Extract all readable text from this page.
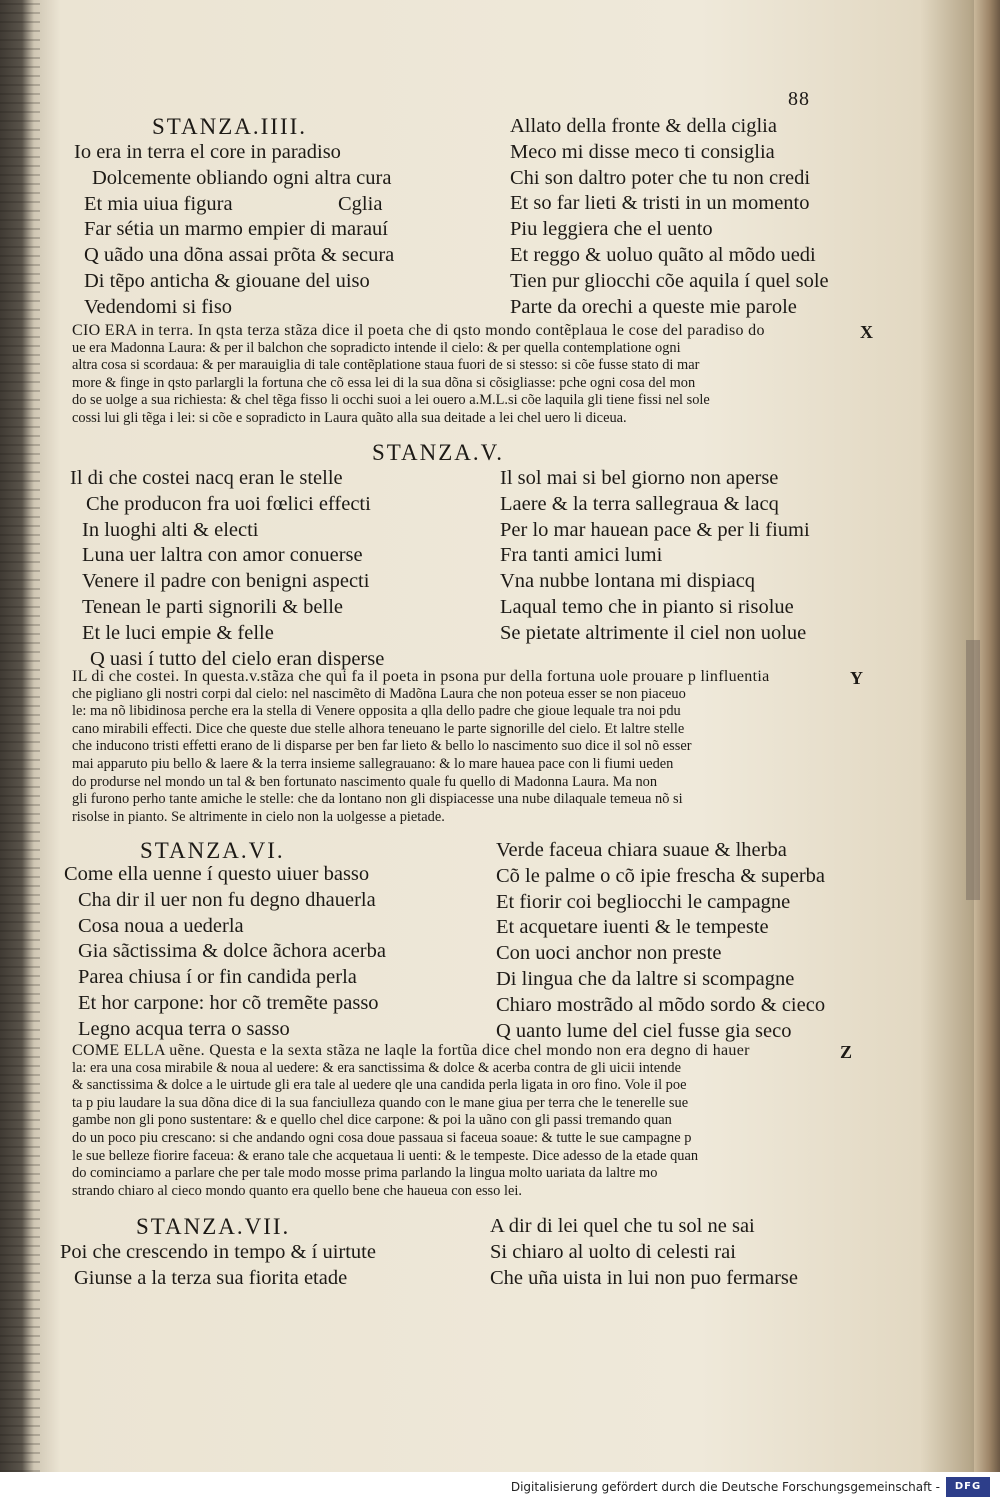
88
STANZA.IIII.
Io era in terra el core in paradiso
Dolcemente obliando ogni altra cura
Et mia uiua figura
Far sétia un marmo empier di marauí
Q uãdo una dõna assai prõta & secura
Di tẽpo anticha & giouane del uiso
Vedendomi si fiso
Cglia
Allato della fronte & della ciglia
Meco mi disse meco ti consiglia
Chi son daltro poter che tu non credi
Et so far lieti & tristi in un momento
Piu leggiera che el uento
Et reggo & uoluo quãto al mõdo uedi
Tien pur gliocchi cõe aquila í quel sole
Parte da orechi a queste mie parole
CIO ERA in terra. In qsta terza stãza dice il poeta che di qsto mondo contẽplaua le cose del paradiso do
ue era Madonna Laura: & per il balchon che sopradicto intende il cielo: & per quella contemplatione ogni
altra cosa si scordaua: & per marauiglia di tale contẽplatione staua fuori de si stesso: si cõe fusse stato di mar
more & finge in qsto parlargli la fortuna che cõ essa lei di la sua dõna si cõsigliasse: pche ogni cosa del mon
do se uolge a sua richiesta: & chel tẽga fisso li occhi suoi a lei ouero a.M.L.si cõe laquila gli tiene fissi nel sole
cossi lui gli tẽga i lei: si cõe e sopradicto in Laura quãto alla sua deitade a lei chel uero li diceua.
X
STANZA.V.
Il di che costei nacq eran le stelle
Che producon fra uoi fœlici effecti
In luoghi alti & electi
Luna uer laltra con amor conuerse
Venere il padre con benigni aspecti
Tenean le parti signorili & belle
Et le luci empie & felle
Q uasi í tutto del cielo eran disperse
Il sol mai si bel giorno non aperse
Laere & la terra sallegraua & lacq
Per lo mar hauean pace & per li fiumi
Fra tanti amici lumi
Vna nubbe lontana mi dispiacq
Laqual temo che in pianto si risolue
Se pietate altrimente il ciel non uolue
IL di che costei. In questa.v.stãza che qui fa il poeta in psona pur della fortuna uole prouare p linfluentia
che pigliano gli nostri corpi dal cielo: nel nascimẽto di Madõna Laura che non poteua esser se non piaceuo
le: ma nõ libidinosa perche era la stella di Venere opposita a qlla dello padre che gioue lequale tra noi pdu
cano mirabili effecti. Dice che queste due stelle alhora teneuano le parte signorille del cielo. Et laltre stelle
che inducono tristi effetti erano de li disparse per ben far lieto & bello lo nascimento suo dice il sol nõ esser
mai apparuto piu bello & laere & la terra insieme sallegrauano: & lo mare hauea pace con li fiumi ueden
do produrse nel mondo un tal & ben fortunato nascimento quale fu quello di Madonna Laura. Ma non
gli furono perho tante amiche le stelle: che da lontano non gli dispiacesse una nube dilaquale temeua nõ si
risolse in pianto. Se altrimente in cielo non la uolgesse a pietade.
Y
STANZA.VI.
Come ella uenne í questo uiuer basso
Cha dir il uer non fu degno dhauerla
Cosa noua a uederla
Gia sãctissima & dolce ãchora acerba
Parea chiusa í or fin candida perla
Et hor carpone: hor cõ tremẽte passo
Legno acqua terra o sasso
Verde faceua chiara suaue & lherba
Cõ le palme o cõ ipie frescha & superba
Et fiorir coi begliocchi le campagne
Et acquetare iuenti & le tempeste
Con uoci anchor non preste
Di lingua che da laltre si scompagne
Chiaro mostrãdo al mõdo sordo & cieco
Q uanto lume del ciel fusse gia seco
COME ELLA uẽne. Questa e la sexta stãza ne laqle la fortũa dice chel mondo non era degno di hauer
la: era una cosa mirabile & noua al uedere: & era sanctissima & dolce & acerba contra de gli uicii intende
& sanctissima & dolce a le uirtude gli era tale al uedere qle una candida perla ligata in oro fino. Vole il poe
ta p piu laudare la sua dõna dice di la sua fanciulleza quando con le mane giua per terra che le tenerelle sue
gambe non gli pono sustentare: & e quello chel dice carpone: & poi la uãno con gli passi tremando quan
do un poco piu crescano: si che andando ogni cosa doue passaua si faceua soaue: & tutte le sue campagne p
le sue belleze fiorire faceua: & erano tale che acquetaua li uenti: & le tempeste. Dice adesso de la etade quan
do cominciamo a parlare che per tale modo mosse prima parlando la lingua molto uariata da laltre mo
strando chiaro al cieco mondo quanto era quello bene che haueua con esso lei.
Z
STANZA.VII.
Poi che crescendo in tempo & í uirtute
Giunse a la terza sua fiorita etade
A dir di lei quel che tu sol ne sai
Si chiaro al uolto di celesti rai
Che uña uista in lui non puo fermarse
Digitalisierung gefördert durch die Deutsche Forschungsgemeinschaft -	DFG
